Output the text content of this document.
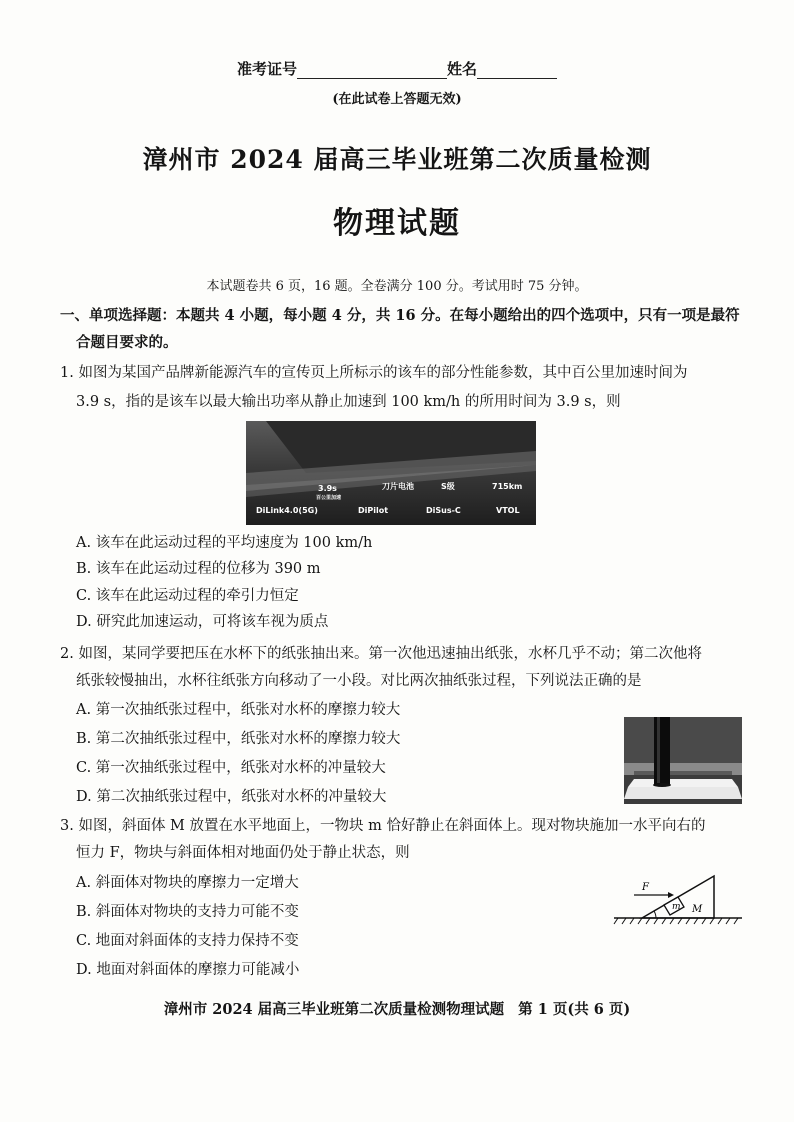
准考证号	姓名
(在此试卷上答题无效)
漳州市 2024 届高三毕业班第二次质量检测
物理试题
本试题卷共 6 页，16 题。全卷满分 100 分。考试用时 75 分钟。
一、单项选择题：本题共 4 小题，每小题 4 分，共 16 分。在每小题给出的四个选项中，只有一项是最符
合题目要求的。
1. 如图为某国产品牌新能源汽车的宣传页上所标示的该车的部分性能参数，其中百公里加速时间为
3.9 s，指的是该车以最大输出功率从静止加速到 100 km/h 的所用时间为 3.9 s，则
3.9s
百公里加速
刀片电池	S级	715km
DiLink4.0(5G)	DiPilot	DiSus-C	VTOL
A. 该车在此运动过程的平均速度为 100 km/h
B. 该车在此运动过程的位移为 390 m
C. 该车在此运动过程的牵引力恒定
D. 研究此加速运动，可将该车视为质点
2. 如图，某同学要把压在水杯下的纸张抽出来。第一次他迅速抽出纸张，水杯几乎不动；第二次他将
纸张较慢抽出，水杯往纸张方向移动了一小段。对比两次抽纸张过程，下列说法正确的是
A. 第一次抽纸张过程中，纸张对水杯的摩擦力较大
B. 第二次抽纸张过程中，纸张对水杯的摩擦力较大
C. 第一次抽纸张过程中，纸张对水杯的冲量较大
D. 第二次抽纸张过程中，纸张对水杯的冲量较大
3. 如图，斜面体 M 放置在水平地面上，一物块 m 恰好静止在斜面体上。现对物块施加一水平向右的
恒力 F，物块与斜面体相对地面仍处于静止状态，则
A. 斜面体对物块的摩擦力一定增大
B. 斜面体对物块的支持力可能不变
C. 地面对斜面体的支持力保持不变
D. 地面对斜面体的摩擦力可能减小
F
m M
漳州市 2024 届高三毕业班第二次质量检测物理试题 第 1 页(共 6 页)
